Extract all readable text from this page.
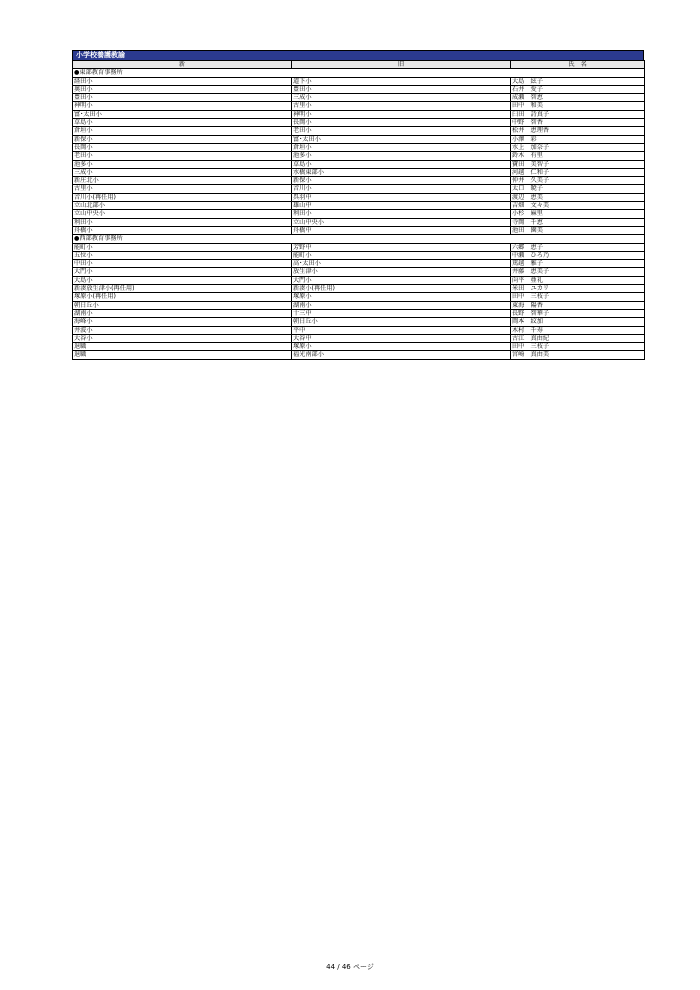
小学校養護教諭
新	旧	氏　名
●東部教育事務所		
経田小	道下小	大島　絃子
奥田小	豊田小	石井　愛子
豊田小	三成小	成瀬　智恵
神明小	古里小	田中　和美
富･太田小	神明小	臼田　詩真子
草島小	長岡小	中野　智香
倉垣小	老田小	松井　恵理香
新保小	富･太田小	小澤　彩
長岡小	倉垣小	水上　加奈子
老田小	池多小	鈴木　有里
池多小	草島小	寶田　美智子
三成小	水橋東部小	河越　仁和子
新庄北小	新保小	仲井　久美子
古里小	音川小	太口　暁子
音川小(再任用)	呉羽中	渡辺　恵美
立山北部小	雄山中	吉畑　文々美
立山中央小	利田小	小杉　麻里
利田小	立山中央小	寺岡　千恵
舟橋小	舟橋中	池田　園美
●西部教育事務所		
能町小	芳野中	六郷　恵子
五位小	能町小	中瀬　ひろ乃
中田小	高･太田小	篤越　雅子
大門小	放生津小	井藤　恵美子
大島小	大門小	向平　亜礼
新湊放生津小(再任用)	新湊小(再任用)	米田　ユカリ
塚原小(再任用)	塚原小	田中　三枝子
朝日丘小	湖南小	東海　陽香
湖南小	十三中	長野　智華子
海峰小	朝日丘小	岡本　紋加
井波小	平中	木村　千寿
大谷小	大谷中	古江　真由紀
退職	塚原小	田中　三枝子
退職	福光南部小	宮崎　真由美
44 / 46 ページ
